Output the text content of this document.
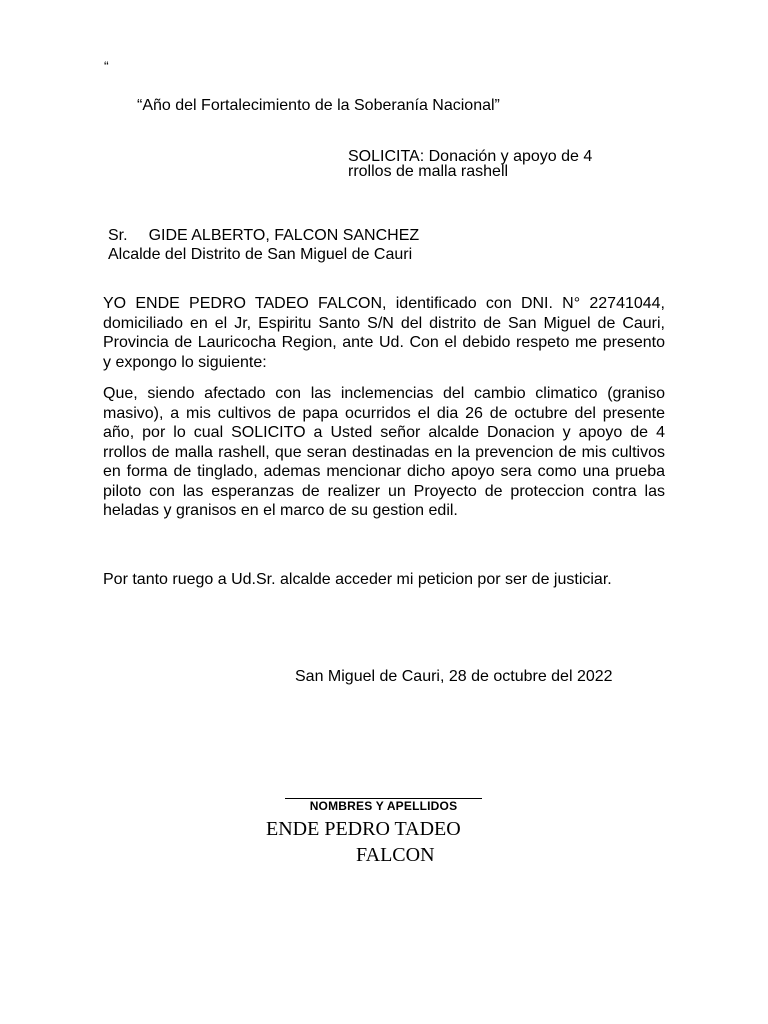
“
“Año del Fortalecimiento de la Soberanía Nacional”
SOLICITA: Donación y apoyo de 4
rrollos de malla rashell
Sr. GIDE ALBERTO, FALCON SANCHEZ
Alcalde del Distrito de San Miguel de Cauri
YO ENDE PEDRO TADEO FALCON, identificado con DNI. N° 22741044, domiciliado en el Jr, Espiritu Santo S/N del distrito de San Miguel de Cauri, Provincia de Lauricocha Region, ante Ud. Con el debido respeto me presento y expongo lo siguiente:
Que, siendo afectado con las inclemencias del cambio climatico (graniso masivo), a mis cultivos de papa ocurridos el dia 26 de octubre del presente año, por lo cual SOLICITO a Usted señor alcalde Donacion y apoyo de 4 rrollos de malla rashell, que seran destinadas en la prevencion de mis cultivos en forma de tinglado, ademas mencionar dicho apoyo sera como una prueba piloto con las esperanzas de realizer un Proyecto de proteccion contra las heladas y granisos en el marco de su gestion edil.
Por tanto ruego a Ud.Sr. alcalde acceder mi peticion por ser de justiciar.
San Miguel de Cauri, 28 de octubre del 2022
NOMBRES Y APELLIDOS
ENDE PEDRO TADEO
FALCON
